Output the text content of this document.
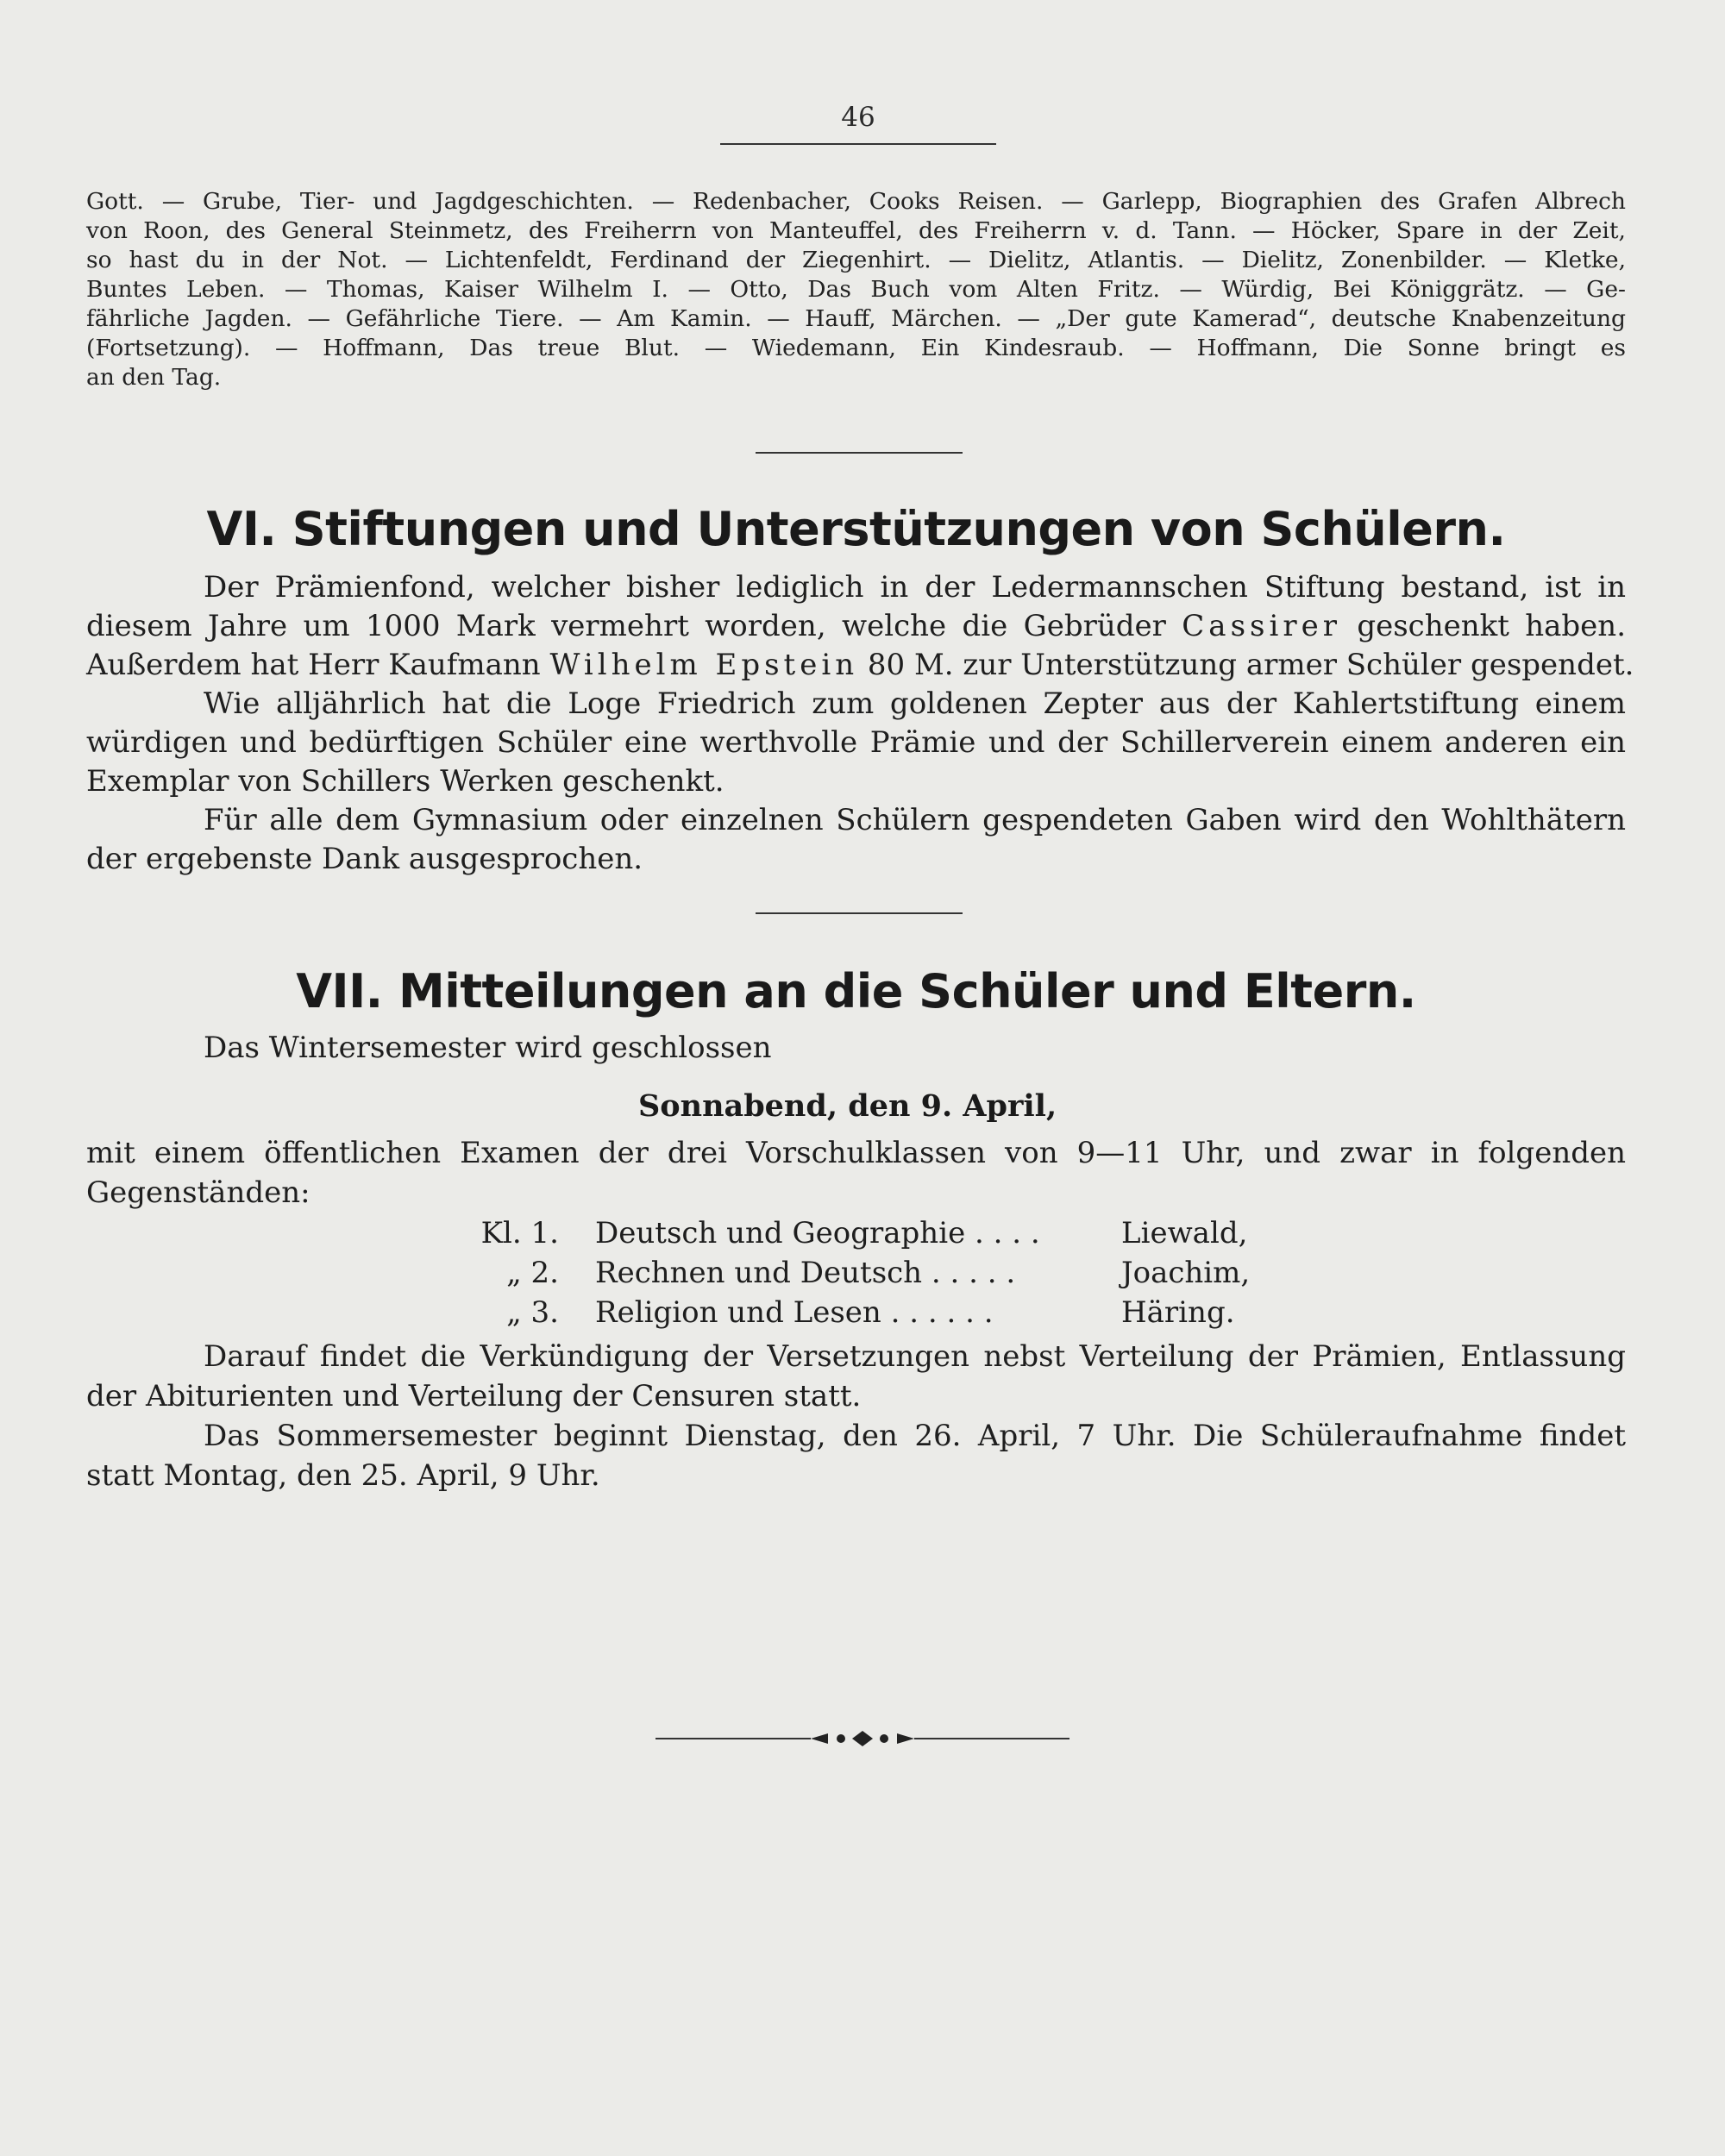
46
Gott. — Grube, Tier- und Jagdgeschichten. — Redenbacher, Cooks Reisen. — Garlepp, Biographien des Grafen Albrech
von Roon, des General Steinmetz, des Freiherrn von Manteuffel, des Freiherrn v. d. Tann. — Höcker, Spare in der Zeit,
so hast du in der Not. — Lichtenfeldt, Ferdinand der Ziegenhirt. — Dielitz, Atlantis. — Dielitz, Zonenbilder. — Kletke,
Buntes Leben. — Thomas, Kaiser Wilhelm I. — Otto, Das Buch vom Alten Fritz. — Würdig, Bei Königgrätz. — Ge-
fährliche Jagden. — Gefährliche Tiere. — Am Kamin. — Hauff, Märchen. — „Der gute Kamerad“, deutsche Knabenzeitung
(Fortsetzung). — Hoffmann, Das treue Blut. — Wiedemann, Ein Kindesraub. — Hoffmann, Die Sonne bringt es
an den Tag.
VI. Stiftungen und Unterstützungen von Schülern.
Der Prämienfond, welcher bisher lediglich in der Ledermannschen Stiftung bestand, ist in
diesem Jahre um 1000 Mark vermehrt worden, welche die Gebrüder Cassirer geschenkt haben.
Außerdem hat Herr Kaufmann Wilhelm Epstein 80 M. zur Unterstützung armer Schüler gespendet.
Wie alljährlich hat die Loge Friedrich zum goldenen Zepter aus der Kahlertstiftung einem
würdigen und bedürftigen Schüler eine werthvolle Prämie und der Schillerverein einem anderen ein
Exemplar von Schillers Werken geschenkt.
Für alle dem Gymnasium oder einzelnen Schülern gespendeten Gaben wird den Wohlthätern
der ergebenste Dank ausgesprochen.
VII. Mitteilungen an die Schüler und Eltern.
Das Wintersemester wird geschlossen
Sonnabend, den 9. April,
mit einem öffentlichen Examen der drei Vorschulklassen von 9—11 Uhr, und zwar in folgenden
Gegenständen:
Kl. 1. Deutsch und Geographie . . . .	Liewald,
„ 2. Rechnen und Deutsch . . . . .	Joachim,
„ 3. Religion und Lesen . . . . . .	Häring.
Darauf findet die Verkündigung der Versetzungen nebst Verteilung der Prämien, Entlassung
der Abiturienten und Verteilung der Censuren statt.
Das Sommersemester beginnt Dienstag, den 26. April, 7 Uhr. Die Schüleraufnahme findet
statt Montag, den 25. April, 9 Uhr.
